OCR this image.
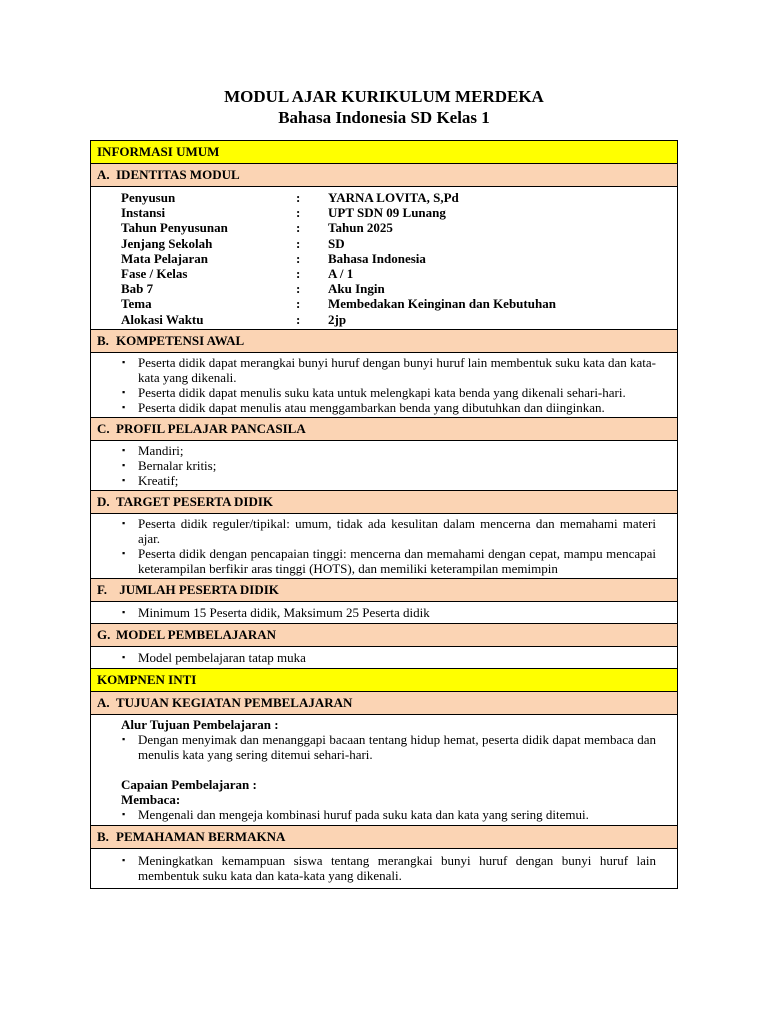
MODUL AJAR KURIKULUM MERDEKA
Bahasa Indonesia SD Kelas 1
INFORMASI UMUM
A. IDENTITAS MODUL
Penyusun	:	YARNA LOVITA, S,Pd
Instansi	:	UPT SDN 09 Lunang
Tahun Penyusunan	:	Tahun 2025
Jenjang Sekolah	:	SD
Mata Pelajaran	:	Bahasa Indonesia
Fase / Kelas	:	A / 1
Bab 7	:	Aku Ingin
Tema	:	Membedakan Keinginan dan Kebutuhan
Alokasi Waktu	:	2jp
B. KOMPETENSI AWAL
▪ Peserta didik dapat merangkai bunyi huruf dengan bunyi huruf lain membentuk suku kata dan kata-kata yang dikenali.
▪ Peserta didik dapat menulis suku kata untuk melengkapi kata benda yang dikenali sehari-hari.
▪ Peserta didik dapat menulis atau menggambarkan benda yang dibutuhkan dan diinginkan.
C. PROFIL PELAJAR PANCASILA
▪ Mandiri;
▪ Bernalar kritis;
▪ Kreatif;
D. TARGET PESERTA DIDIK
▪ Peserta didik reguler/tipikal: umum, tidak ada kesulitan dalam mencerna dan memahami materi ajar.
▪ Peserta didik dengan pencapaian tinggi: mencerna dan memahami dengan cepat, mampu mencapai keterampilan berfikir aras tinggi (HOTS), dan memiliki keterampilan memimpin
F. JUMLAH PESERTA DIDIK
▪ Minimum 15 Peserta didik, Maksimum 25 Peserta didik
G. MODEL PEMBELAJARAN
▪ Model pembelajaran tatap muka
KOMPNEN INTI
A. TUJUAN KEGIATAN PEMBELAJARAN
Alur Tujuan Pembelajaran :
▪ Dengan menyimak dan menanggapi bacaan tentang hidup hemat, peserta didik dapat membaca dan menulis kata yang sering ditemui sehari-hari.
Capaian Pembelajaran :
Membaca:
▪ Mengenali dan mengeja kombinasi huruf pada suku kata dan kata yang sering ditemui.
B. PEMAHAMAN BERMAKNA
▪ Meningkatkan kemampuan siswa tentang merangkai bunyi huruf dengan bunyi huruf lain membentuk suku kata dan kata-kata yang dikenali.
